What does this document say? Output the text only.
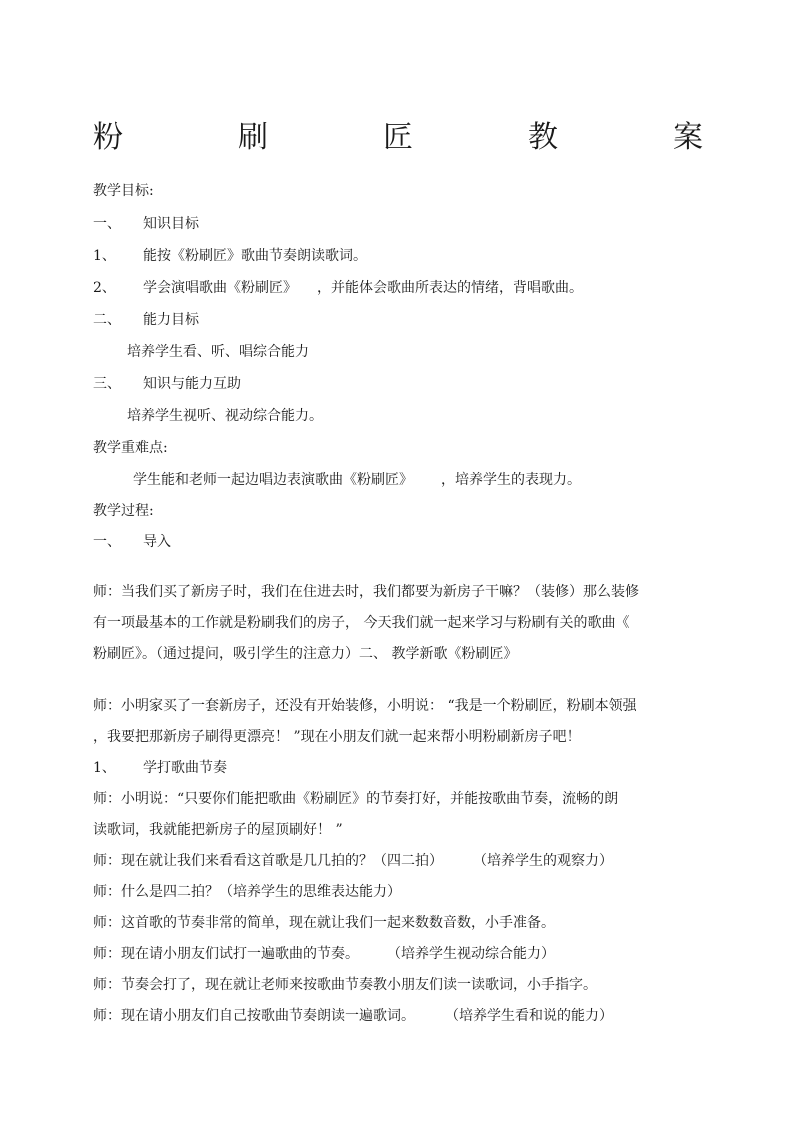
粉	刷	匠	教	案
教学目标:
一、 知识目标
1、 能按《粉刷匠》歌曲节奏朗读歌词。
2、 学会演唱歌曲《粉刷匠》 ，并能体会歌曲所表达的情绪，背唱歌曲。
二、 能力目标
培养学生看、听、唱综合能力
三、 知识与能力互助
培养学生视听、视动综合能力。
教学重难点:
学生能和老师一起边唱边表演歌曲《粉刷匠》 ，培养学生的表现力。
教学过程:
一、 导入
师：当我们买了新房子时，我们在住进去时，我们都要为新房子干嘛？（装修）那么装修
有一项最基本的工作就是粉刷我们的房子， 今天我们就一起来学习与粉刷有关的歌曲《
粉刷匠》。（通过提问，吸引学生的注意力）二、 教学新歌《粉刷匠》
师：小明家买了一套新房子，还没有开始装修，小明说： “我是一个粉刷匠，粉刷本领强
，我要把那新房子刷得更漂亮！ ”现在小朋友们就一起来帮小明粉刷新房子吧！
1、 学打歌曲节奏
师：小明说：“只要你们能把歌曲《粉刷匠》的节奏打好，并能按歌曲节奏，流畅的朗
读歌词，我就能把新房子的屋顶刷好！ ”
师：现在就让我们来看看这首歌是几几拍的？（四二拍） （培养学生的观察力）
师：什么是四二拍？（培养学生的思维表达能力）
师：这首歌的节奏非常的简单，现在就让我们一起来数数音数，小手准备。
师：现在请小朋友们试打一遍歌曲的节奏。 （培养学生视动综合能力）
师：节奏会打了，现在就让老师来按歌曲节奏教小朋友们读一读歌词，小手指字。
师：现在请小朋友们自己按歌曲节奏朗读一遍歌词。 （培养学生看和说的能力）
